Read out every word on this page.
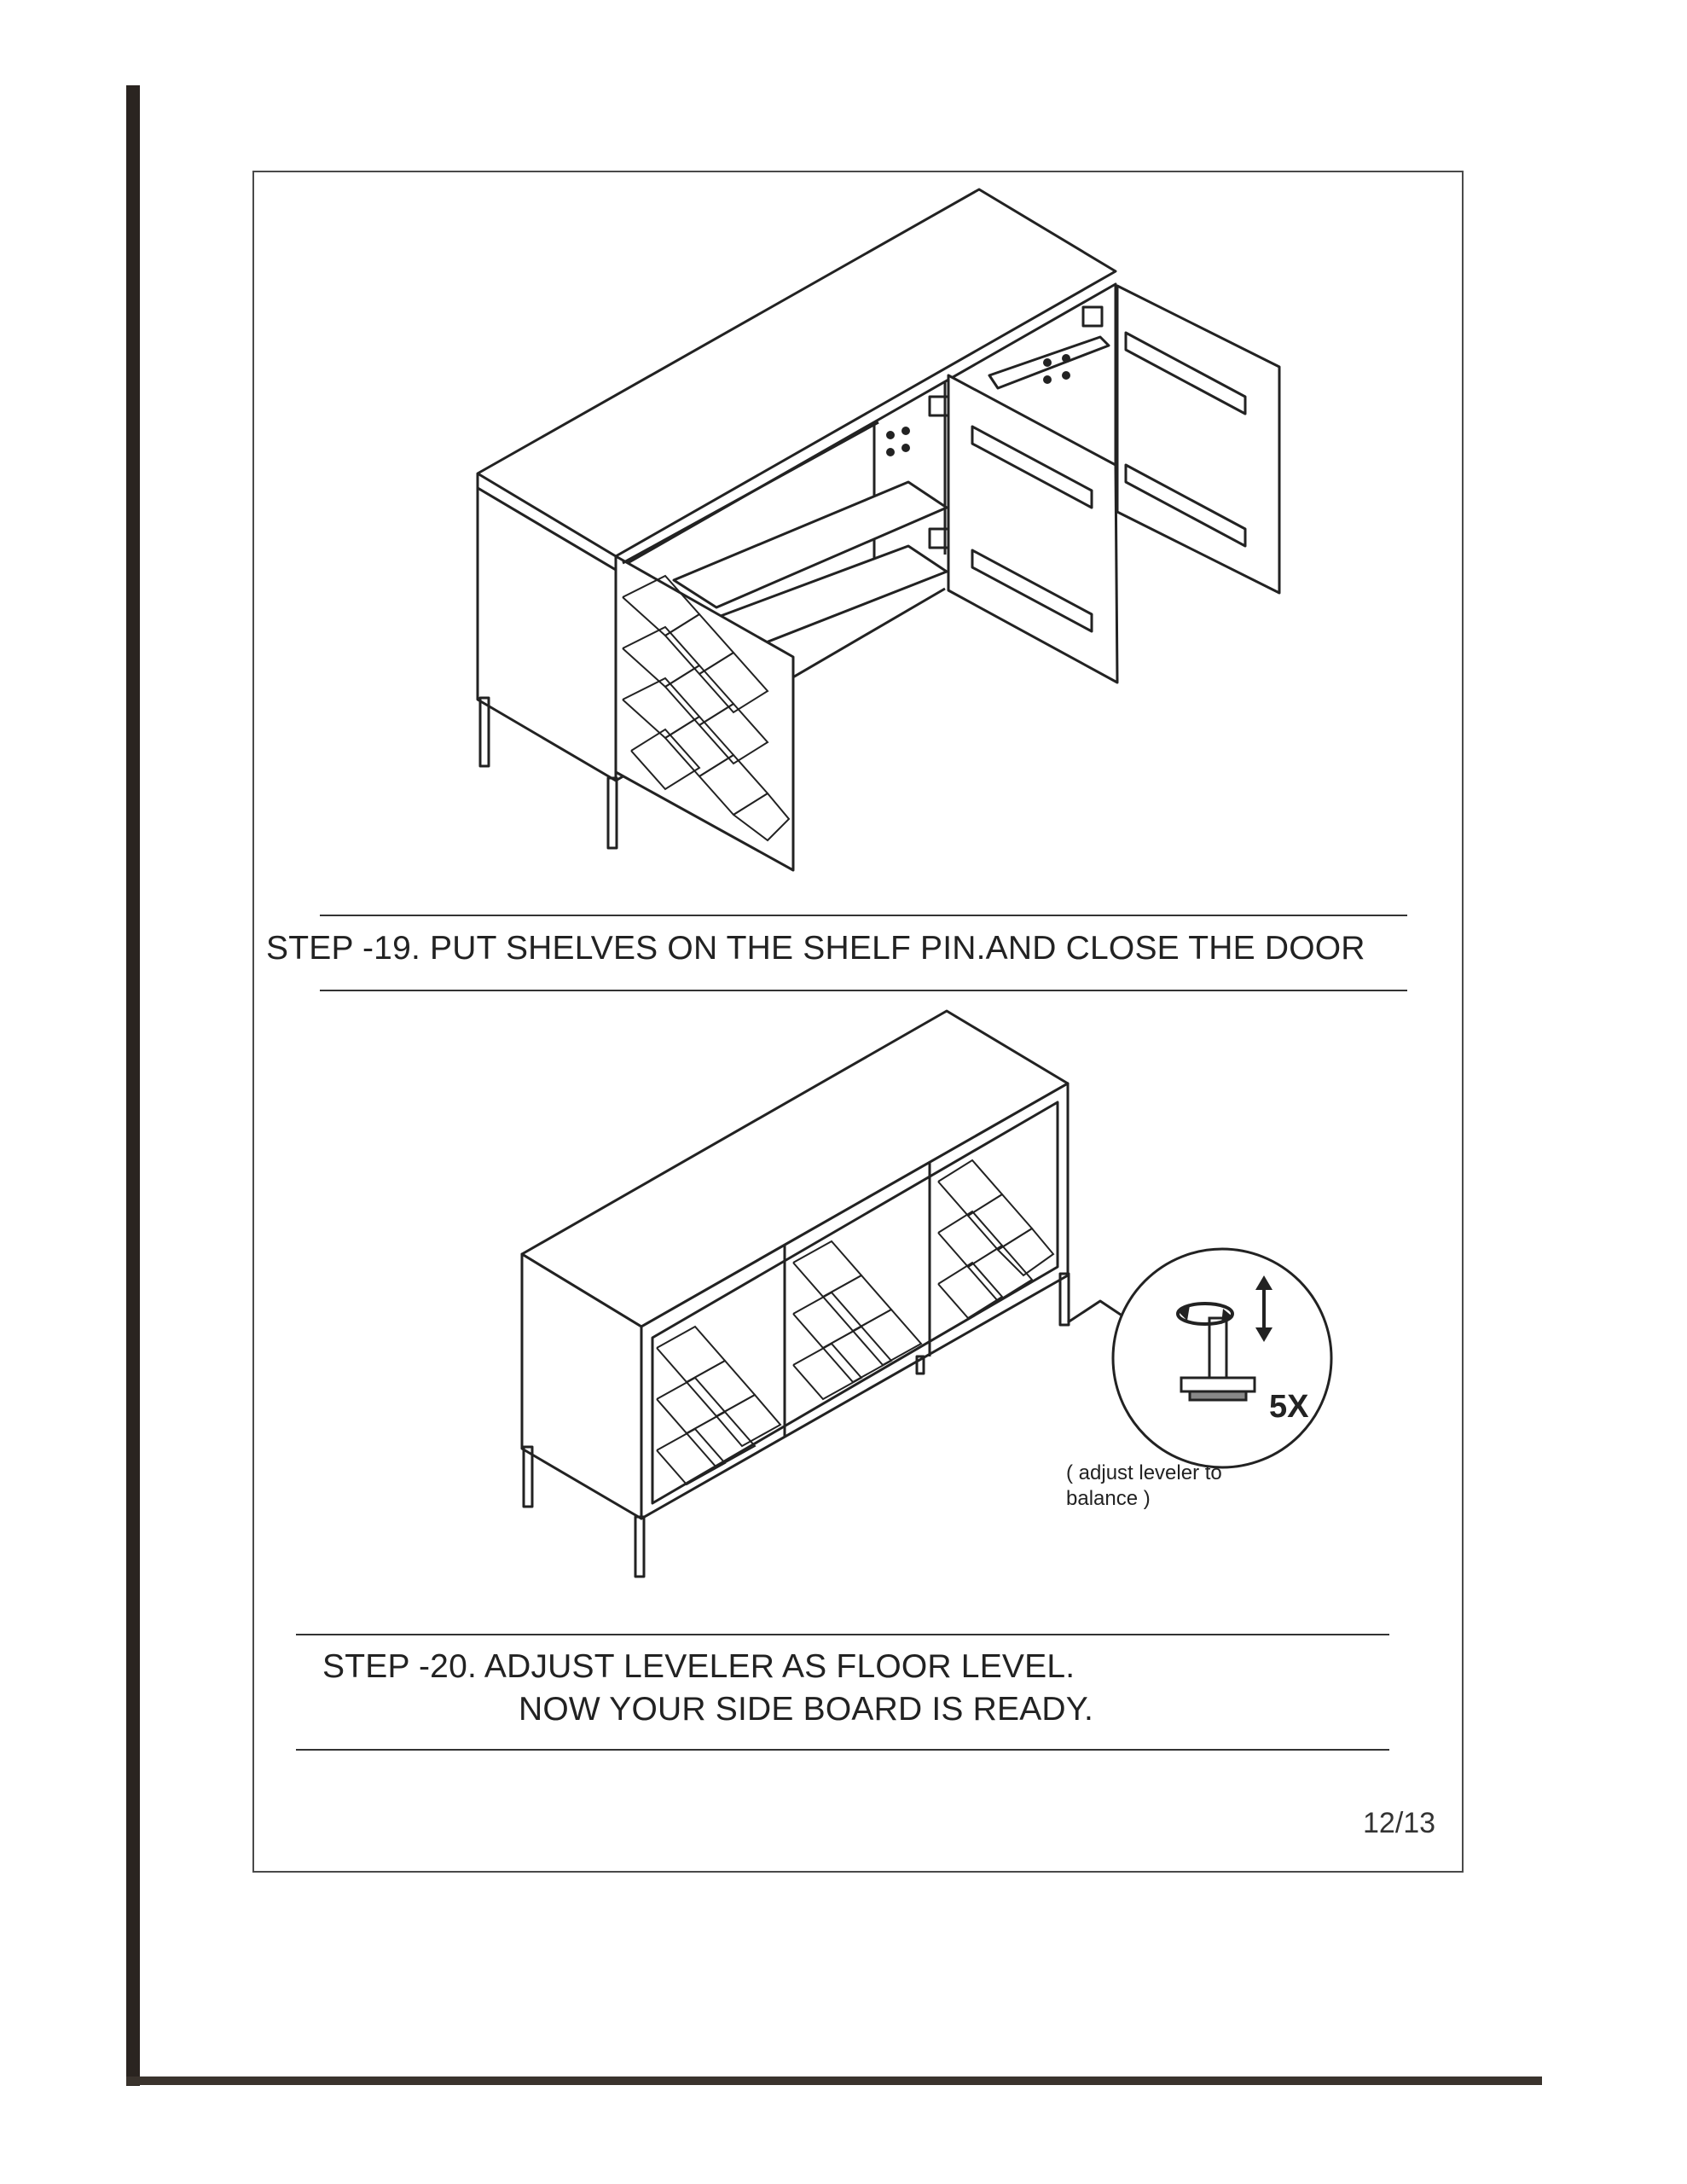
STEP -19. PUT SHELVES ON THE SHELF PIN.AND CLOSE THE DOOR
5X
( adjust leveler to
balance )
STEP -20. ADJUST LEVELER AS FLOOR LEVEL.
NOW YOUR SIDE BOARD IS READY.
12/13
